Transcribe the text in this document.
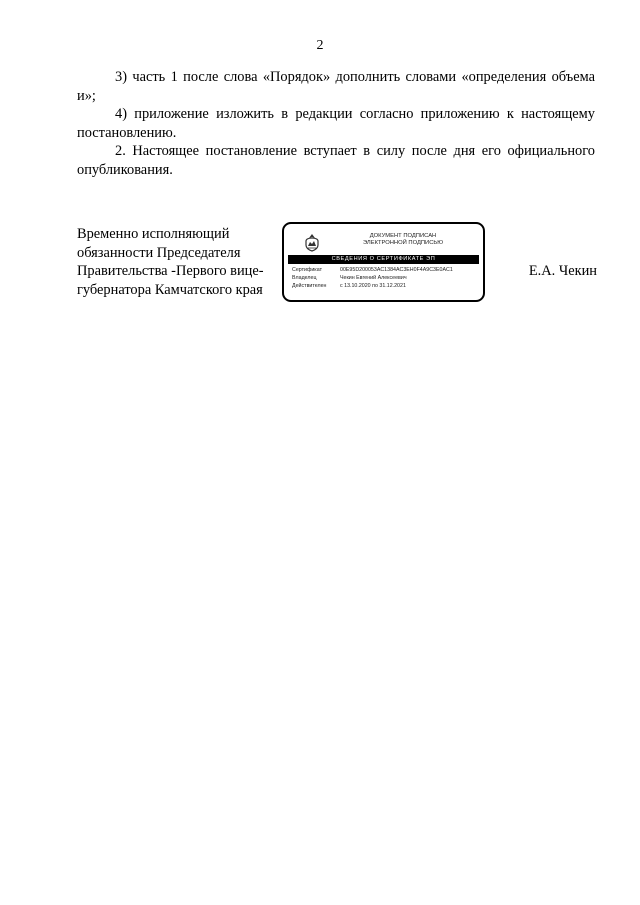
2

3) часть 1 после слова «Порядок» дополнить словами «определения объема и»;

4) приложение изложить в редакции согласно приложению к настоящему постановлению.

2. Настоящее постановление вступает в силу после дня его официального опубликования.

Временно исполняющий
обязанности Председателя
Правительства -Первого вице-
губернатора Камчатского края
ДОКУМЕНТ ПОДПИСАН
ЭЛЕКТРОННОЙ ПОДПИСЬЮ
СВЕДЕНИЯ О СЕРТИФИКАТЕ ЭП
Сертификат	00E95D200053AC1384AC3EH0F4A9C3E0AC1
Владелец	Чекин Евгений Алексеевич
Действителен	с 13.10.2020 по 31.12.2021
Е.А. Чекин
